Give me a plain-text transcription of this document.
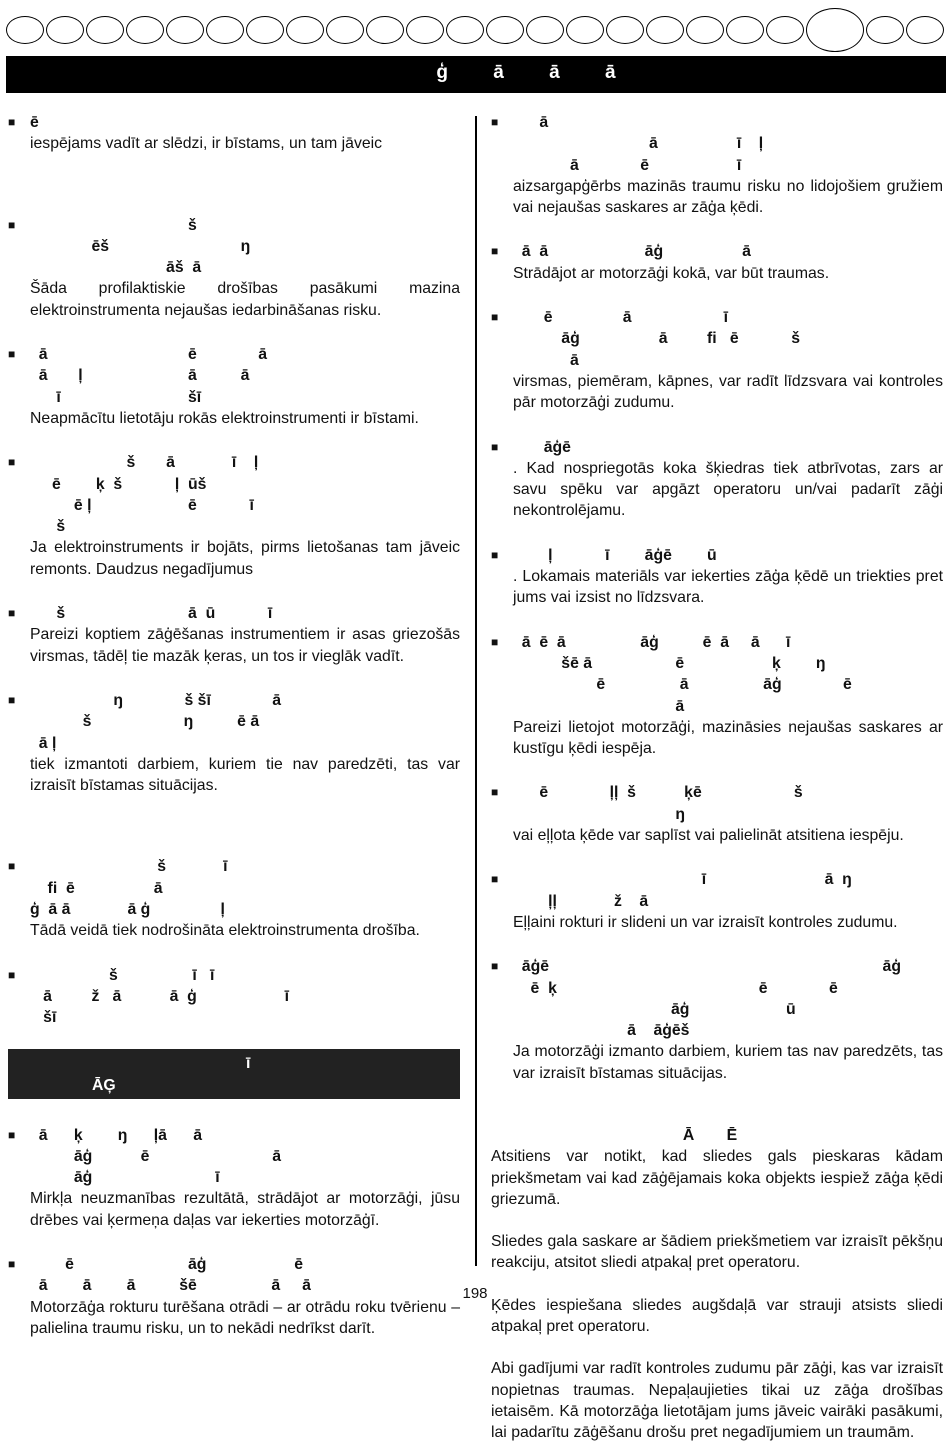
ģ ā ā ā
■ ē
iespējams vadīt ar slēdzi, ir bīstams, un tam jāveic
■ š
ēš                              ŋ
āš  ā
Šāda profilaktiskie drošības pasākumi mazina elektroinstrumenta nejaušas iedarbināšanas risku.
■ ā                                ē              ā
ā       ļ                        ā          ā
ī                             šī
Neapmācītu lietotāju rokās elektroinstrumenti ir bīstami.
■ š       ā             ī    ļ
ē        ķ  š            ļ  ūš
ē ļ                      ē            ī
š
Ja elektroinstruments ir bojāts, pirms lietošanas tam jāveic remonts. Daudzus negadījumus
■ š                            ā  ū            ī
Pareizi koptiem zāģēšanas instrumentiem ir asas griezošās virsmas, tādēļ tie mazāk ķeras, un tos ir vieglāk vadīt.
■ ŋ              š šī              ā
š                     ŋ          ē ā
ā ļ
tiek izmantoti darbiem, kuriem tie nav paredzēti, tas var izraisīt bīstamas situācijas.
■ š             ī
fi  ē                  ā
ģ  ā ā             ā ģ                ļ
Tādā veidā tiek nodrošināta elektroinstrumenta drošība.
■ š                 ī   ī
ā         ž   ā           ā  ģ                    ī
šī
ī
ĀĢ
■ ā      ķ        ŋ      ļā      ā
āģ           ē                            ā
āģ                            ī
Mirkļa neuzmanības rezultātā, strādājot ar motorzāģi, jūsu drēbes vai ķermeņa daļas var iekerties motorzāģī.
■ ē                          āģ                    ē
ā        ā        ā          šē                 ā     ā
Motorzāģa rokturu turēšana otrādi – ar otrādu roku tvērienu – palielina traumu risku, un to nekādi nedrīkst darīt.
■ ā
ā                  ī    ļ
ā              ē                    ī
aizsargapģērbs mazinās traumu risku no lidojošiem gružiem vai nejaušas saskares ar zāģa ķēdi.
■ ā  ā                      āģ                  ā
Strādājot ar motorzāģi kokā, var būt traumas.
■ ē                ā                     ī
āģ                  ā         fi   ē            š
ā
virsmas, piemēram, kāpnes, var radīt līdzsvara vai kontroles pār motorzāģi zudumu.
■ āģē
. Kad nospriegotās koka šķiedras tiek atbrīvotas, zars ar savu spēku var apgāzt operatoru un/vai padarīt zāģi nekontrolējamu.
■ ļ            ī        āģē        ū
. Lokamais materiāls var iekerties zāģa ķēdē un triekties pret jums vai izsist no līdzsvara.
■ ā  ē  ā                 āģ          ē  ā     ā      ī
šē ā                   ē                    ķ        ŋ
ē                 ā                 āģ              ē
ā
Pareizi lietojot motorzāģi, mazināsies nejaušas saskares ar kustīgu ķēdi iespēja.
■ ē              ļļ  š           ķē                     š
ŋ
vai eļļota ķēde var saplīst vai palielināt atsitiena iespēju.
■ ī                           ā  ŋ
ļļ             ž    ā
Eļļaini rokturi ir slideni un var izraisīt kontroles zudumu.
■ āģē                                                                            āģ
ē  ķ                                              ē              ē
āģ                      ū
ā    āģēš
Ja motorzāģi izmanto darbiem, kuriem tas nav paredzēts, tas var izraisīt bīstamas situācijas.

Ā Ē

Atsitiens var notikt, kad sliedes gals pieskaras kādam priekšmetam vai kad zāģējamais koka objekts iespiež zāģa ķēdi griezumā.

Sliedes gala saskare ar šādiem priekšmetiem var izraisīt pēkšņu reakciju, atsitot sliedi atpakaļ pret operatoru.

Ķēdes iespiešana sliedes augšdaļā var strauji atsists sliedi atpakaļ pret operatoru.

Abi gadījumi var radīt kontroles zudumu pār zāģi, kas var izraisīt nopietnas traumas. Nepaļaujieties tikai uz zāģa drošības ietaisēm. Kā motorzāģa lietotājam jums jāveic vairāki pasākumi, lai padarītu zāģēšanu drošu pret negadījumiem un traumām.

198
